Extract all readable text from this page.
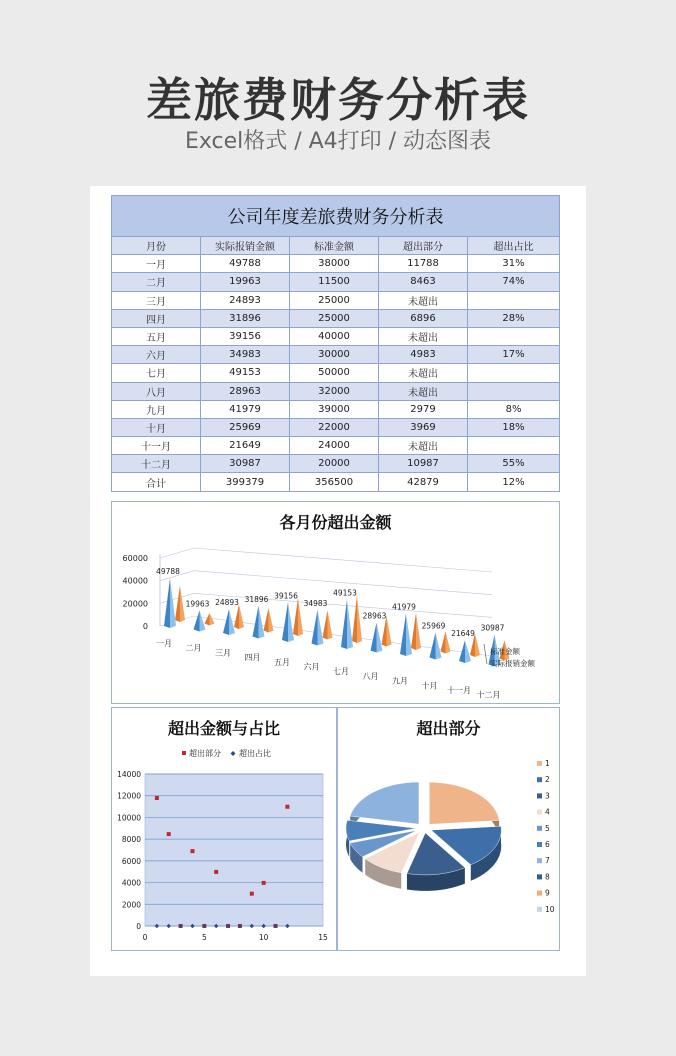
差旅费财务分析表
Excel格式 / A4打印 / 动态图表
公司年度差旅费财务分析表				
月份	实际报销金额	标准金额	超出部分	超出占比
一月	49788	38000	11788	31%
二月	19963	11500	8463	74%
三月	24893	25000	未超出	
四月	31896	25000	6896	28%
五月	39156	40000	未超出	
六月	34983	30000	4983	17%
七月	49153	50000	未超出	
八月	28963	32000	未超出	
九月	41979	39000	2979	8%
十月	25969	22000	3969	18%
十一月	21649	24000	未超出	
十二月	30987	20000	10987	55%
合计	399379	356500	42879	12%
各月份超出金额
0
20000
40000
60000
49788
一月
19963
二月
24893
三月
31896
四月
39156
五月
34983
六月
49153
七月
28963
八月
41979
九月
25969
十月
21649
十一月
30987
十二月
标准金额
实际报销金额
超出金额与占比
0
2000
4000
6000
8000
10000
12000
14000
0	5	10	15
超出部分 超出占比
超出部分
1
2
3
4
5
6
7
8
9
10
